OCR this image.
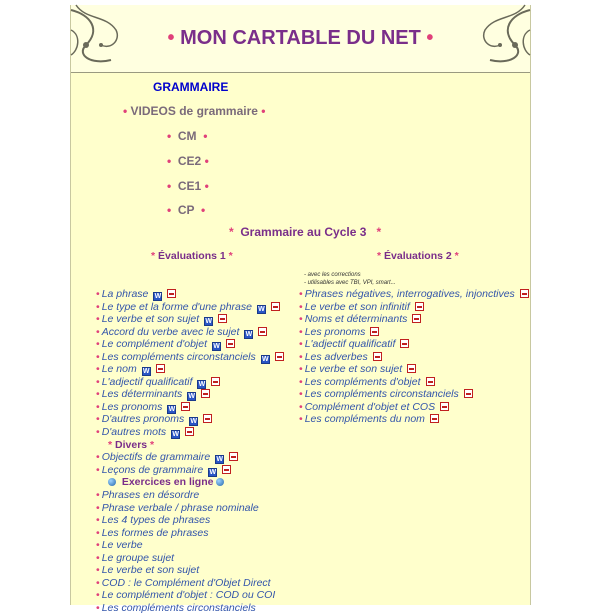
• MON CARTABLE DU NET •
GRAMMAIRE
• VIDEOS de grammaire •
• CM •
• CE2 •
• CE1 •
• CP •
* Grammaire au Cycle 3 *
* Évaluations 1 *
• La phrase W
• Le type et la forme d'une phrase W
• Le verbe et son sujet W
• Accord du verbe avec le sujet W
• Le complément d'objet W
• Les compléments circonstanciels W
• Le nom W
• L'adjectif qualificatif W
• Les déterminants W
• Les pronoms W
• D'autres pronoms W
• D'autres mots W
* Divers *
• Objectifs de grammaire W
• Leçons de grammaire W
Exercices en ligne
• Phrases en désordre
• Phrase verbale / phrase nominale
• Les 4 types de phrases
• Les formes de phrases
• Le verbe
• Le groupe sujet
• Le verbe et son sujet
• COD : le Complément d'Objet Direct
• Le complément d'objet : COD ou COI
• Les compléments circonstanciels
* Évaluations 2 *
- avec les corrections
- utilisables avec TBI, VPI, smart...
• Phrases négatives, interrogatives, injonctives
• Le verbe et son infinitif
• Noms et déterminants
• Les pronoms
• L'adjectif qualificatif
• Les adverbes
• Le verbe et son sujet
• Les compléments d'objet
• Les compléments circonstanciels
• Complément d'objet et COS
• Les compléments du nom
